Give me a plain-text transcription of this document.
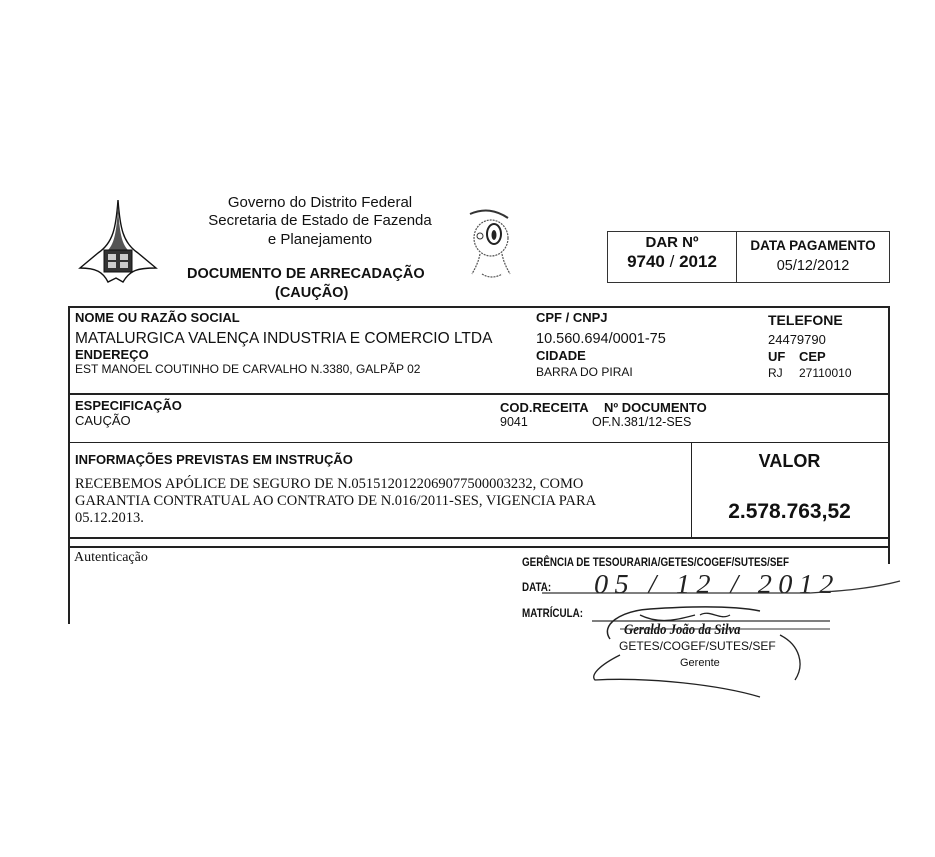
Governo do Distrito Federal
Secretaria de Estado de Fazenda
e Planejamento
DOCUMENTO DE ARRECADAÇÃO
(CAUÇÃO)
DAR Nº
9740 / 2012
DATA PAGAMENTO
05/12/2012
NOME OU RAZÃO SOCIAL
MATALURGICA VALENÇA INDUSTRIA E COMERCIO LTDA
ENDEREÇO
EST MANOEL COUTINHO DE CARVALHO N.3380, GALPÃP 02
CPF / CNPJ
10.560.694/0001-75
CIDADE
BARRA DO PIRAI
TELEFONE
24479790
UF CEP
RJ 27110010
ESPECIFICAÇÃO
CAUÇÃO
COD.RECEITA Nº DOCUMENTO
9041	OF.N.381/12-SES
INFORMAÇÕES PREVISTAS EM INSTRUÇÃO
RECEBEMOS APÓLICE DE SEGURO DE N.0515120122069077500003232, COMO
GARANTIA CONTRATUAL AO CONTRATO DE N.016/2011-SES, VIGENCIA PARA
05.12.2013.
VALOR
2.578.763,52
Autenticação	GERÊNCIA DE TESOURARIA/GETES/COGEF/SUTES/SEF
DATA:
MATRÍCULA:
05 / 12 / 2012
Geraldo João da Silva
GETES/COGEF/SUTES/SEF
Gerente
